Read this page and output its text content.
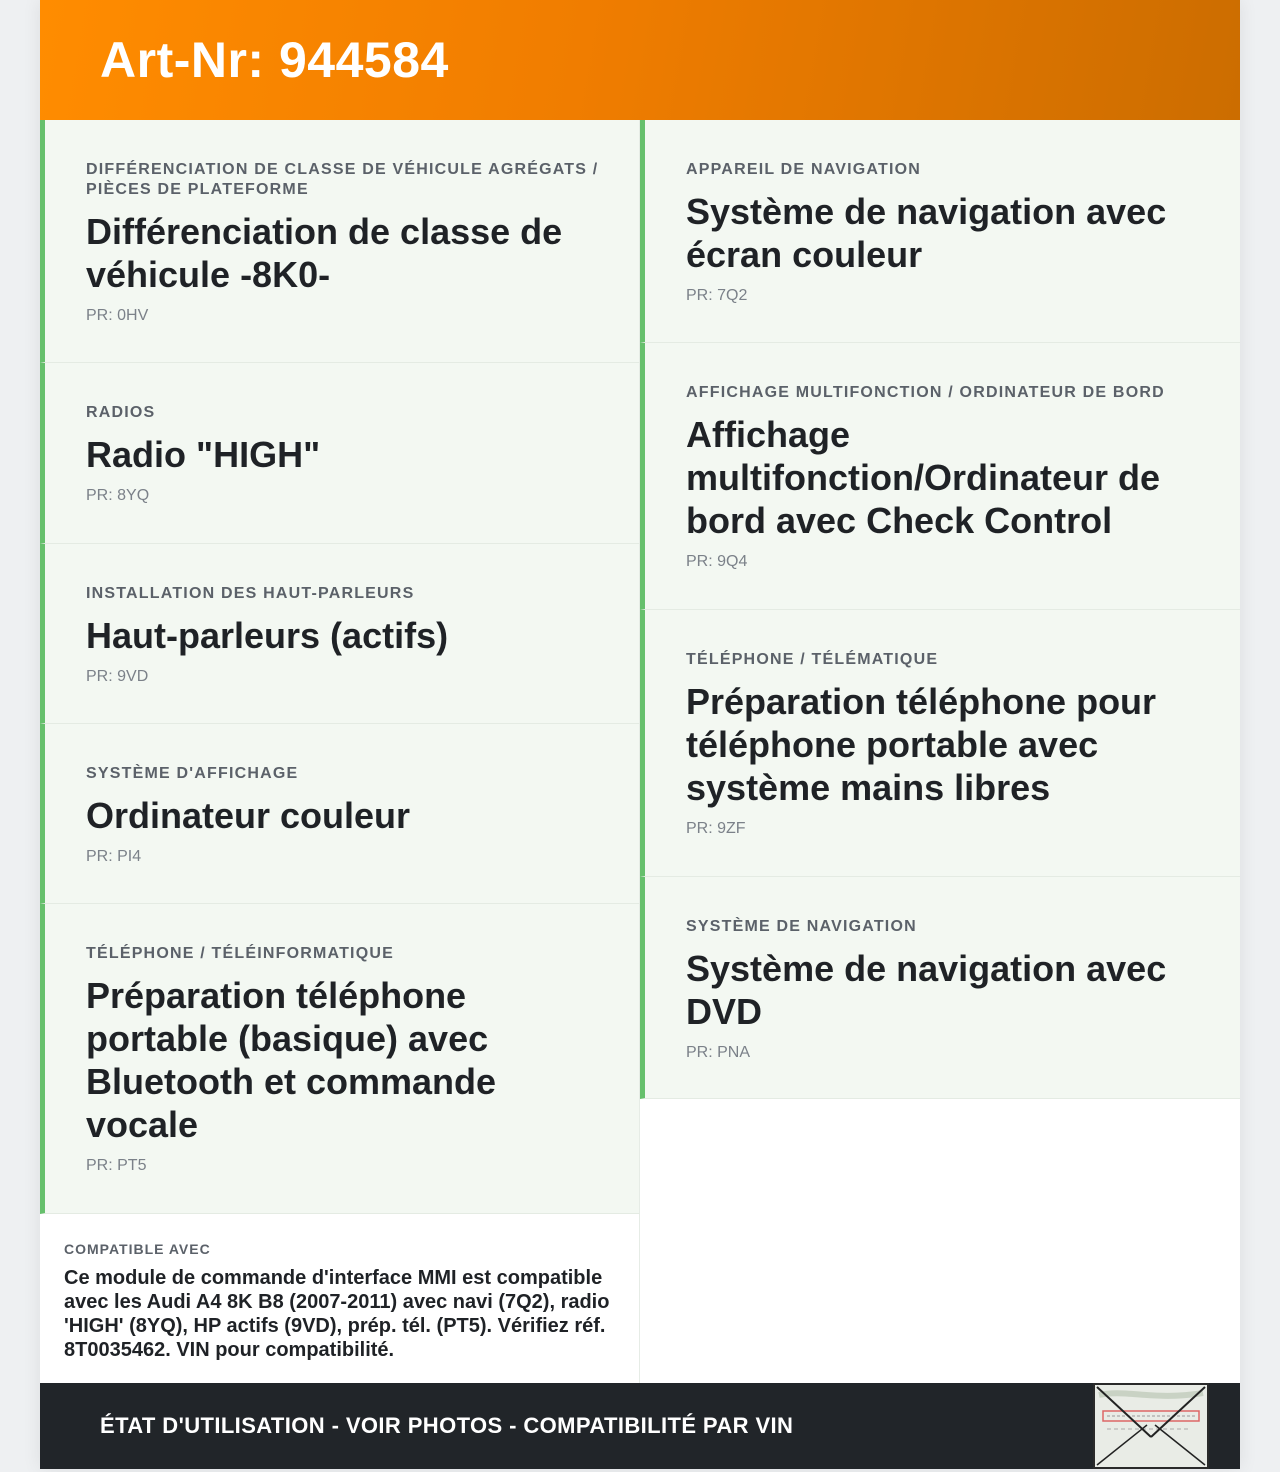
Art-Nr: 944584
DIFFÉRENCIATION DE CLASSE DE VÉHICULE AGRÉGATS / PIÈCES DE PLATEFORME
Différenciation de classe de véhicule -8K0-
PR: 0HV
RADIOS
Radio "HIGH"
PR: 8YQ
INSTALLATION DES HAUT-PARLEURS
Haut-parleurs (actifs)
PR: 9VD
SYSTÈME D'AFFICHAGE
Ordinateur couleur
PR: PI4
TÉLÉPHONE / TÉLÉINFORMATIQUE
Préparation téléphone portable (basique) avec Bluetooth et commande vocale
PR: PT5
COMPATIBLE AVEC
Ce module de commande d'interface MMI est compatible avec les Audi A4 8K B8 (2007-2011) avec navi (7Q2), radio 'HIGH' (8YQ), HP actifs (9VD), prép. tél. (PT5). Vérifiez réf. 8T0035462. VIN pour compatibilité.
APPAREIL DE NAVIGATION
Système de navigation avec écran couleur
PR: 7Q2
AFFICHAGE MULTIFONCTION / ORDINATEUR DE BORD
Affichage multifonction/Ordinateur de bord avec Check Control
PR: 9Q4
TÉLÉPHONE / TÉLÉMATIQUE
Préparation téléphone pour téléphone portable avec système mains libres
PR: 9ZF
SYSTÈME DE NAVIGATION
Système de navigation avec DVD
PR: PNA
ÉTAT D'UTILISATION - VOIR PHOTOS - COMPATIBILITÉ PAR VIN
